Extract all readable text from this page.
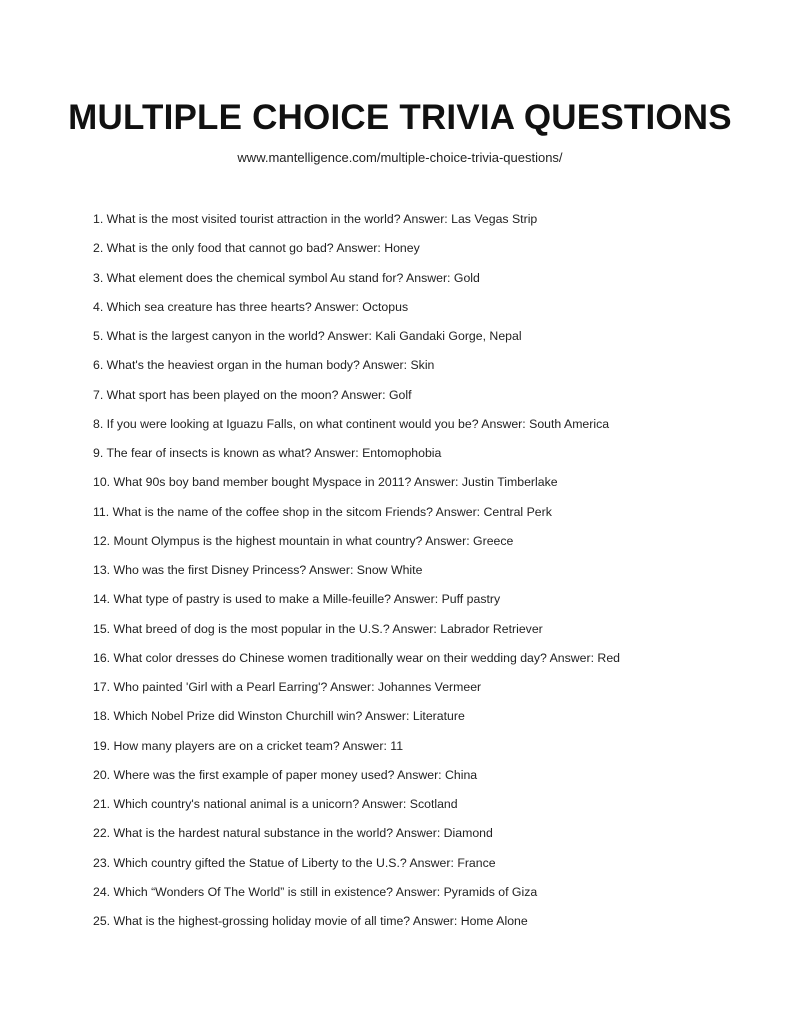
MULTIPLE CHOICE TRIVIA QUESTIONS
www.mantelligence.com/multiple-choice-trivia-questions/
1. What is the most visited tourist attraction in the world? Answer: Las Vegas Strip
2. What is the only food that cannot go bad? Answer: Honey
3. What element does the chemical symbol Au stand for? Answer: Gold
4. Which sea creature has three hearts? Answer: Octopus
5. What is the largest canyon in the world? Answer: Kali Gandaki Gorge, Nepal
6. What's the heaviest organ in the human body? Answer: Skin
7. What sport has been played on the moon? Answer: Golf
8. If you were looking at Iguazu Falls, on what continent would you be? Answer: South America
9. The fear of insects is known as what? Answer: Entomophobia
10. What 90s boy band member bought Myspace in 2011? Answer: Justin Timberlake
11. What is the name of the coffee shop in the sitcom Friends? Answer: Central Perk
12. Mount Olympus is the highest mountain in what country? Answer: Greece
13. Who was the first Disney Princess? Answer: Snow White
14. What type of pastry is used to make a Mille-feuille? Answer: Puff pastry
15. What breed of dog is the most popular in the U.S.? Answer: Labrador Retriever
16. What color dresses do Chinese women traditionally wear on their wedding day? Answer: Red
17. Who painted 'Girl with a Pearl Earring'? Answer: Johannes Vermeer
18. Which Nobel Prize did Winston Churchill win? Answer: Literature
19. How many players are on a cricket team? Answer: 11
20. Where was the first example of paper money used? Answer: China
21. Which country's national animal is a unicorn? Answer: Scotland
22. What is the hardest natural substance in the world? Answer: Diamond
23. Which country gifted the Statue of Liberty to the U.S.? Answer: France
24. Which “Wonders Of The World” is still in existence? Answer: Pyramids of Giza
25. What is the highest-grossing holiday movie of all time? Answer: Home Alone
